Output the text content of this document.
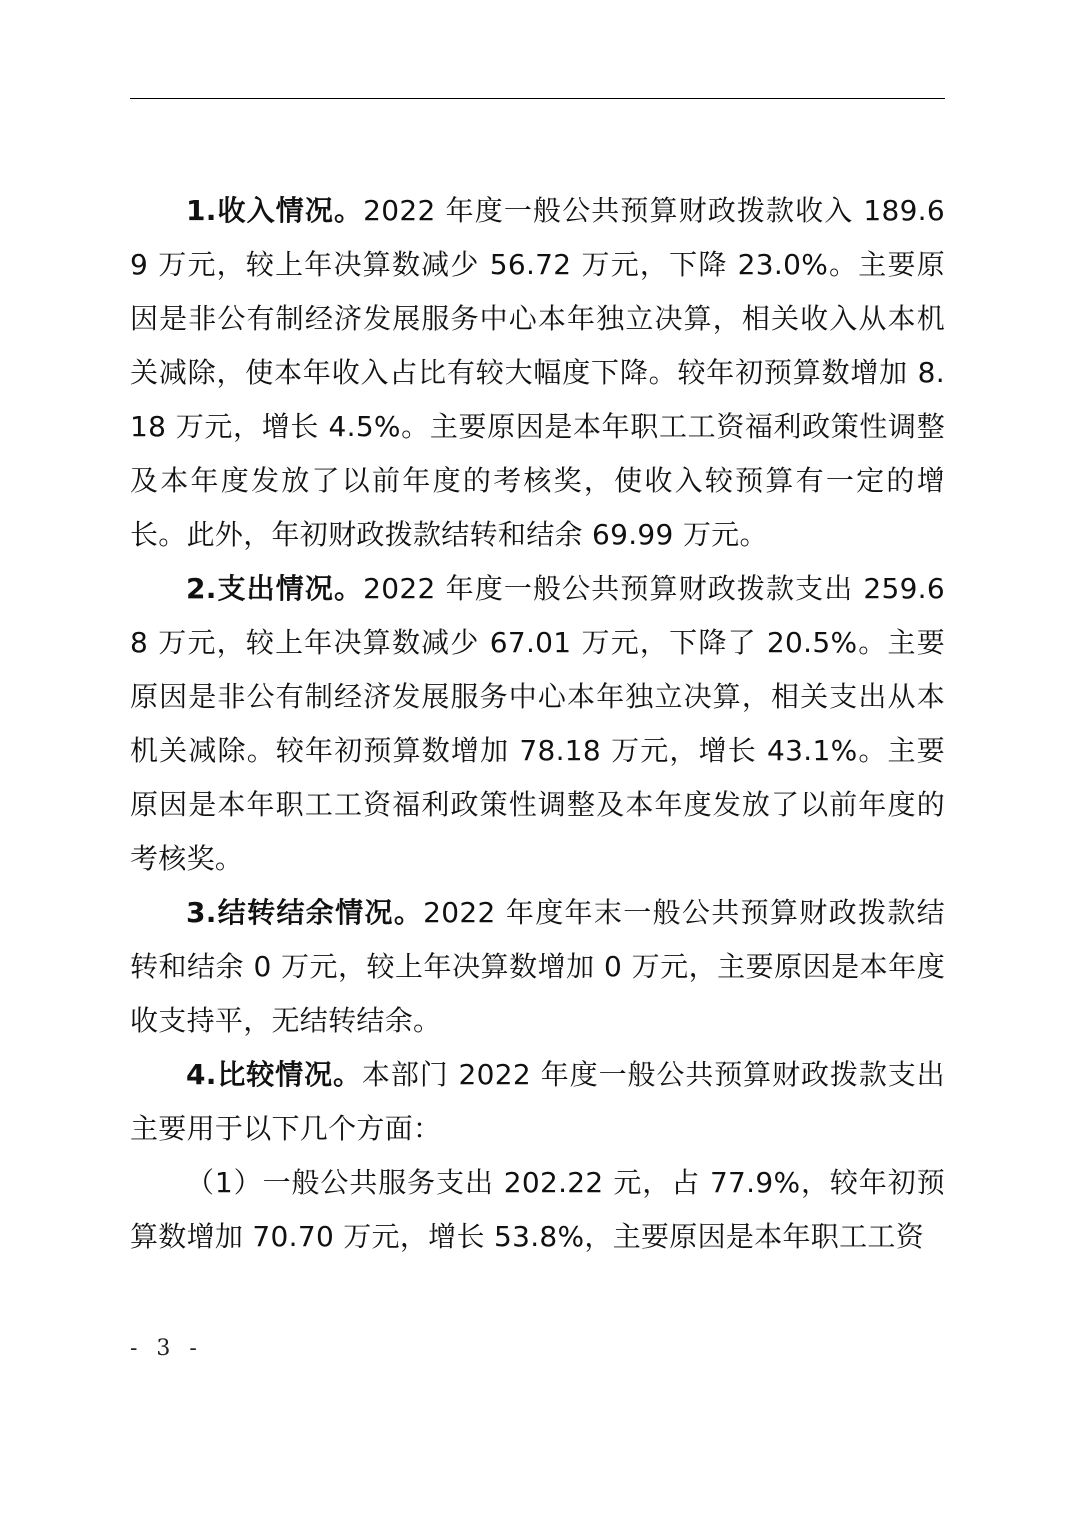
1.收入情况。2022 年度一般公共预算财政拨款收入 189.69 万元，较上年决算数减少 56.72 万元，下降 23.0%。主要原因是非公有制经济发展服务中心本年独立决算，相关收入从本机关减除，使本年收入占比有较大幅度下降。较年初预算数增加 8.18 万元，增长 4.5%。主要原因是本年职工工资福利政策性调整及本年度发放了以前年度的考核奖，使收入较预算有一定的增长。此外，年初财政拨款结转和结余 69.99 万元。

2.支出情况。2022 年度一般公共预算财政拨款支出 259.68 万元，较上年决算数减少 67.01 万元，下降了 20.5%。主要原因是非公有制经济发展服务中心本年独立决算，相关支出从本机关减除。较年初预算数增加 78.18 万元，增长 43.1%。主要原因是本年职工工资福利政策性调整及本年度发放了以前年度的考核奖。

3.结转结余情况。2022 年度年末一般公共预算财政拨款结转和结余 0 万元，较上年决算数增加 0 万元，主要原因是本年度收支持平，无结转结余。

4.比较情况。本部门 2022 年度一般公共预算财政拨款支出主要用于以下几个方面：

（1）一般公共服务支出 202.22 元，占 77.9%，较年初预算数增加 70.70 万元，增长 53.8%，主要原因是本年职工工资

- 3 -
